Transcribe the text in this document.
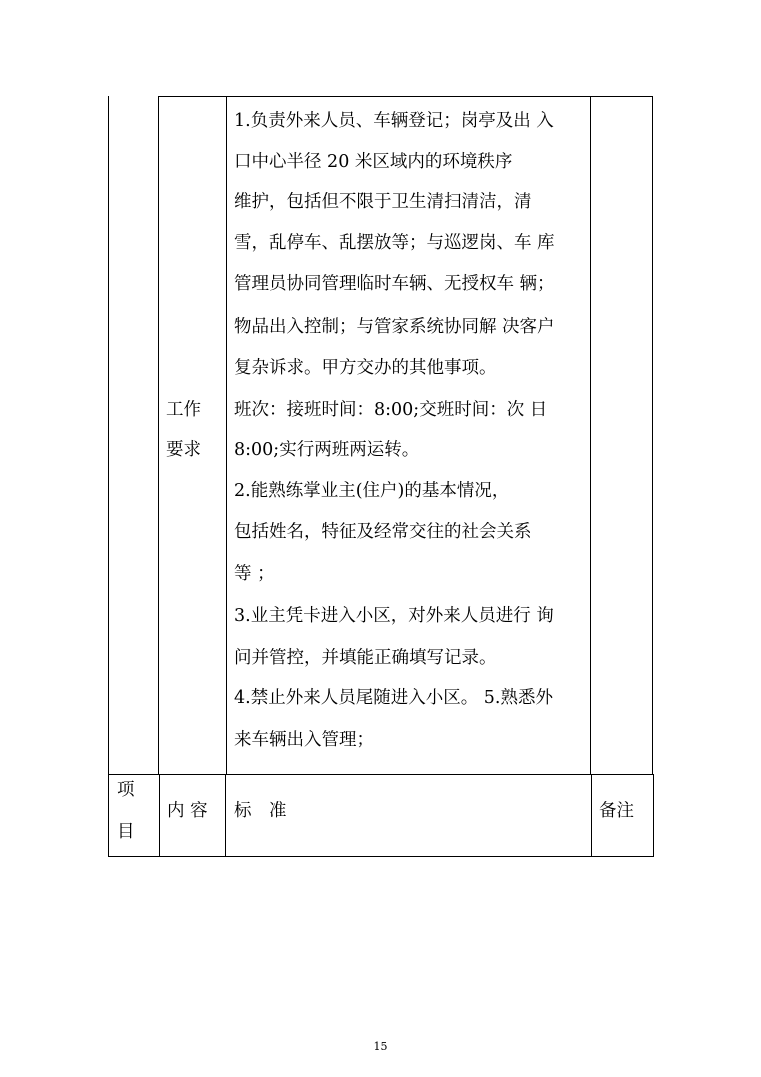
工作
要求
1.负责外来人员、车辆登记；岗亭及出 入
口中心半径 20 米区域内的环境秩序
维护，包括但不限于卫生清扫清洁，清
雪，乱停车、乱摆放等；与巡逻岗、车 库
管理员协同管理临时车辆、无授权车 辆；
物品出入控制；与管家系统协同解 决客户
复杂诉求。甲方交办的其他事项。
班次：接班时间：8:00;交班时间：次 日
8:00;实行两班两运转。
2.能熟练掌业主(住户)的基本情况，
包括姓名，特征及经常交往的社会关系
等 ；
3.业主凭卡进入小区，对外来人员进行 询
问并管控，并填能正确填写记录。
4.禁止外来人员尾随进入小区。 5.熟悉外
来车辆出入管理；
项
目
内 容 标　准	备注
15
